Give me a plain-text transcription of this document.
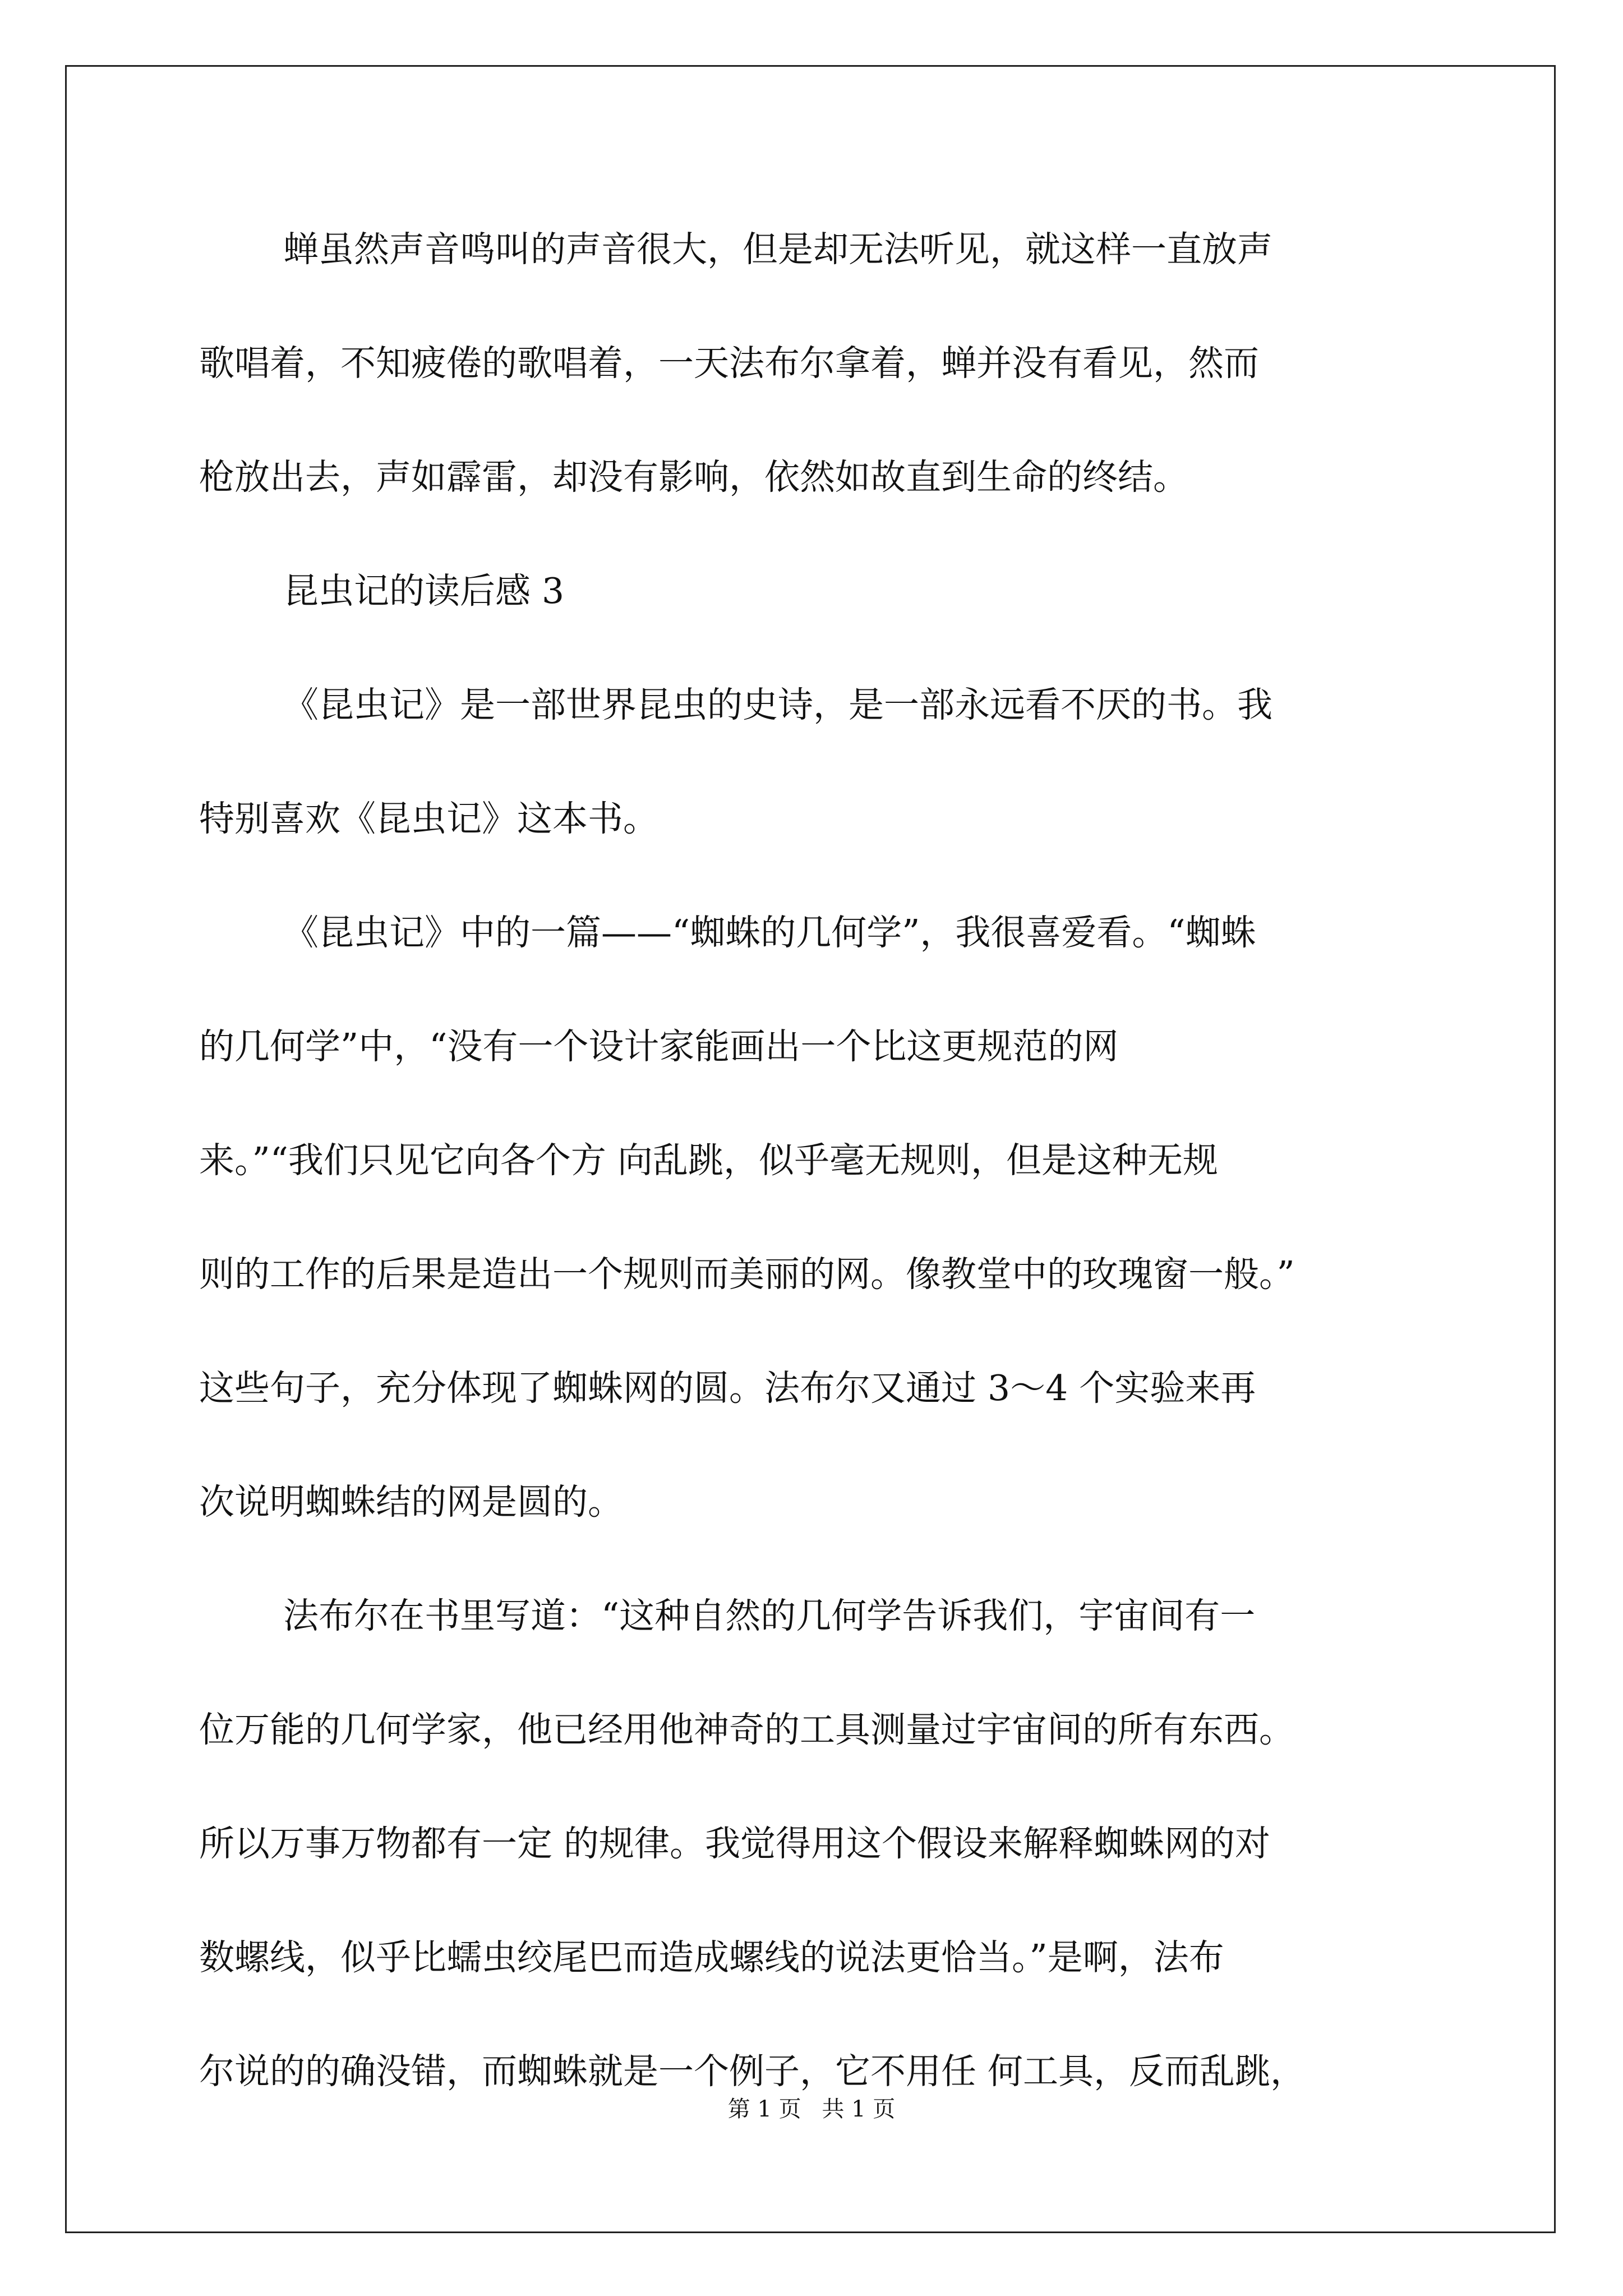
蝉虽然声音鸣叫的声音很大，但是却无法听见，就这样一直放声
歌唱着，不知疲倦的歌唱着，一天法布尔拿着，蝉并没有看见，然而
枪放出去，声如霹雷，却没有影响，依然如故直到生命的终结。
昆虫记的读后感 3
《昆虫记》是一部世界昆虫的史诗，是一部永远看不厌的书。我
特别喜欢《昆虫记》这本书。
《昆虫记》中的一篇——“蜘蛛的几何学”，我很喜爱看。“蜘蛛
的几何学”中，“没有一个设计家能画出一个比这更规范的网
来。”“我们只见它向各个方 向乱跳，似乎毫无规则，但是这种无规
则的工作的后果是造出一个规则而美丽的网。像教堂中的玫瑰窗一般。”
这些句子，充分体现了蜘蛛网的圆。法布尔又通过 3～4 个实验来再
次说明蜘蛛结的网是圆的。
法布尔在书里写道：“这种自然的几何学告诉我们，宇宙间有一
位万能的几何学家，他已经用他神奇的工具测量过宇宙间的所有东西。
所以万事万物都有一定 的规律。我觉得用这个假设来解释蜘蛛网的对
数螺线，似乎比蠕虫绞尾巴而造成螺线的说法更恰当。”是啊，法布
尔说的的确没错，而蜘蛛就是一个例子，它不用任 何工具，反而乱跳，
第 1 页 共 1 页
